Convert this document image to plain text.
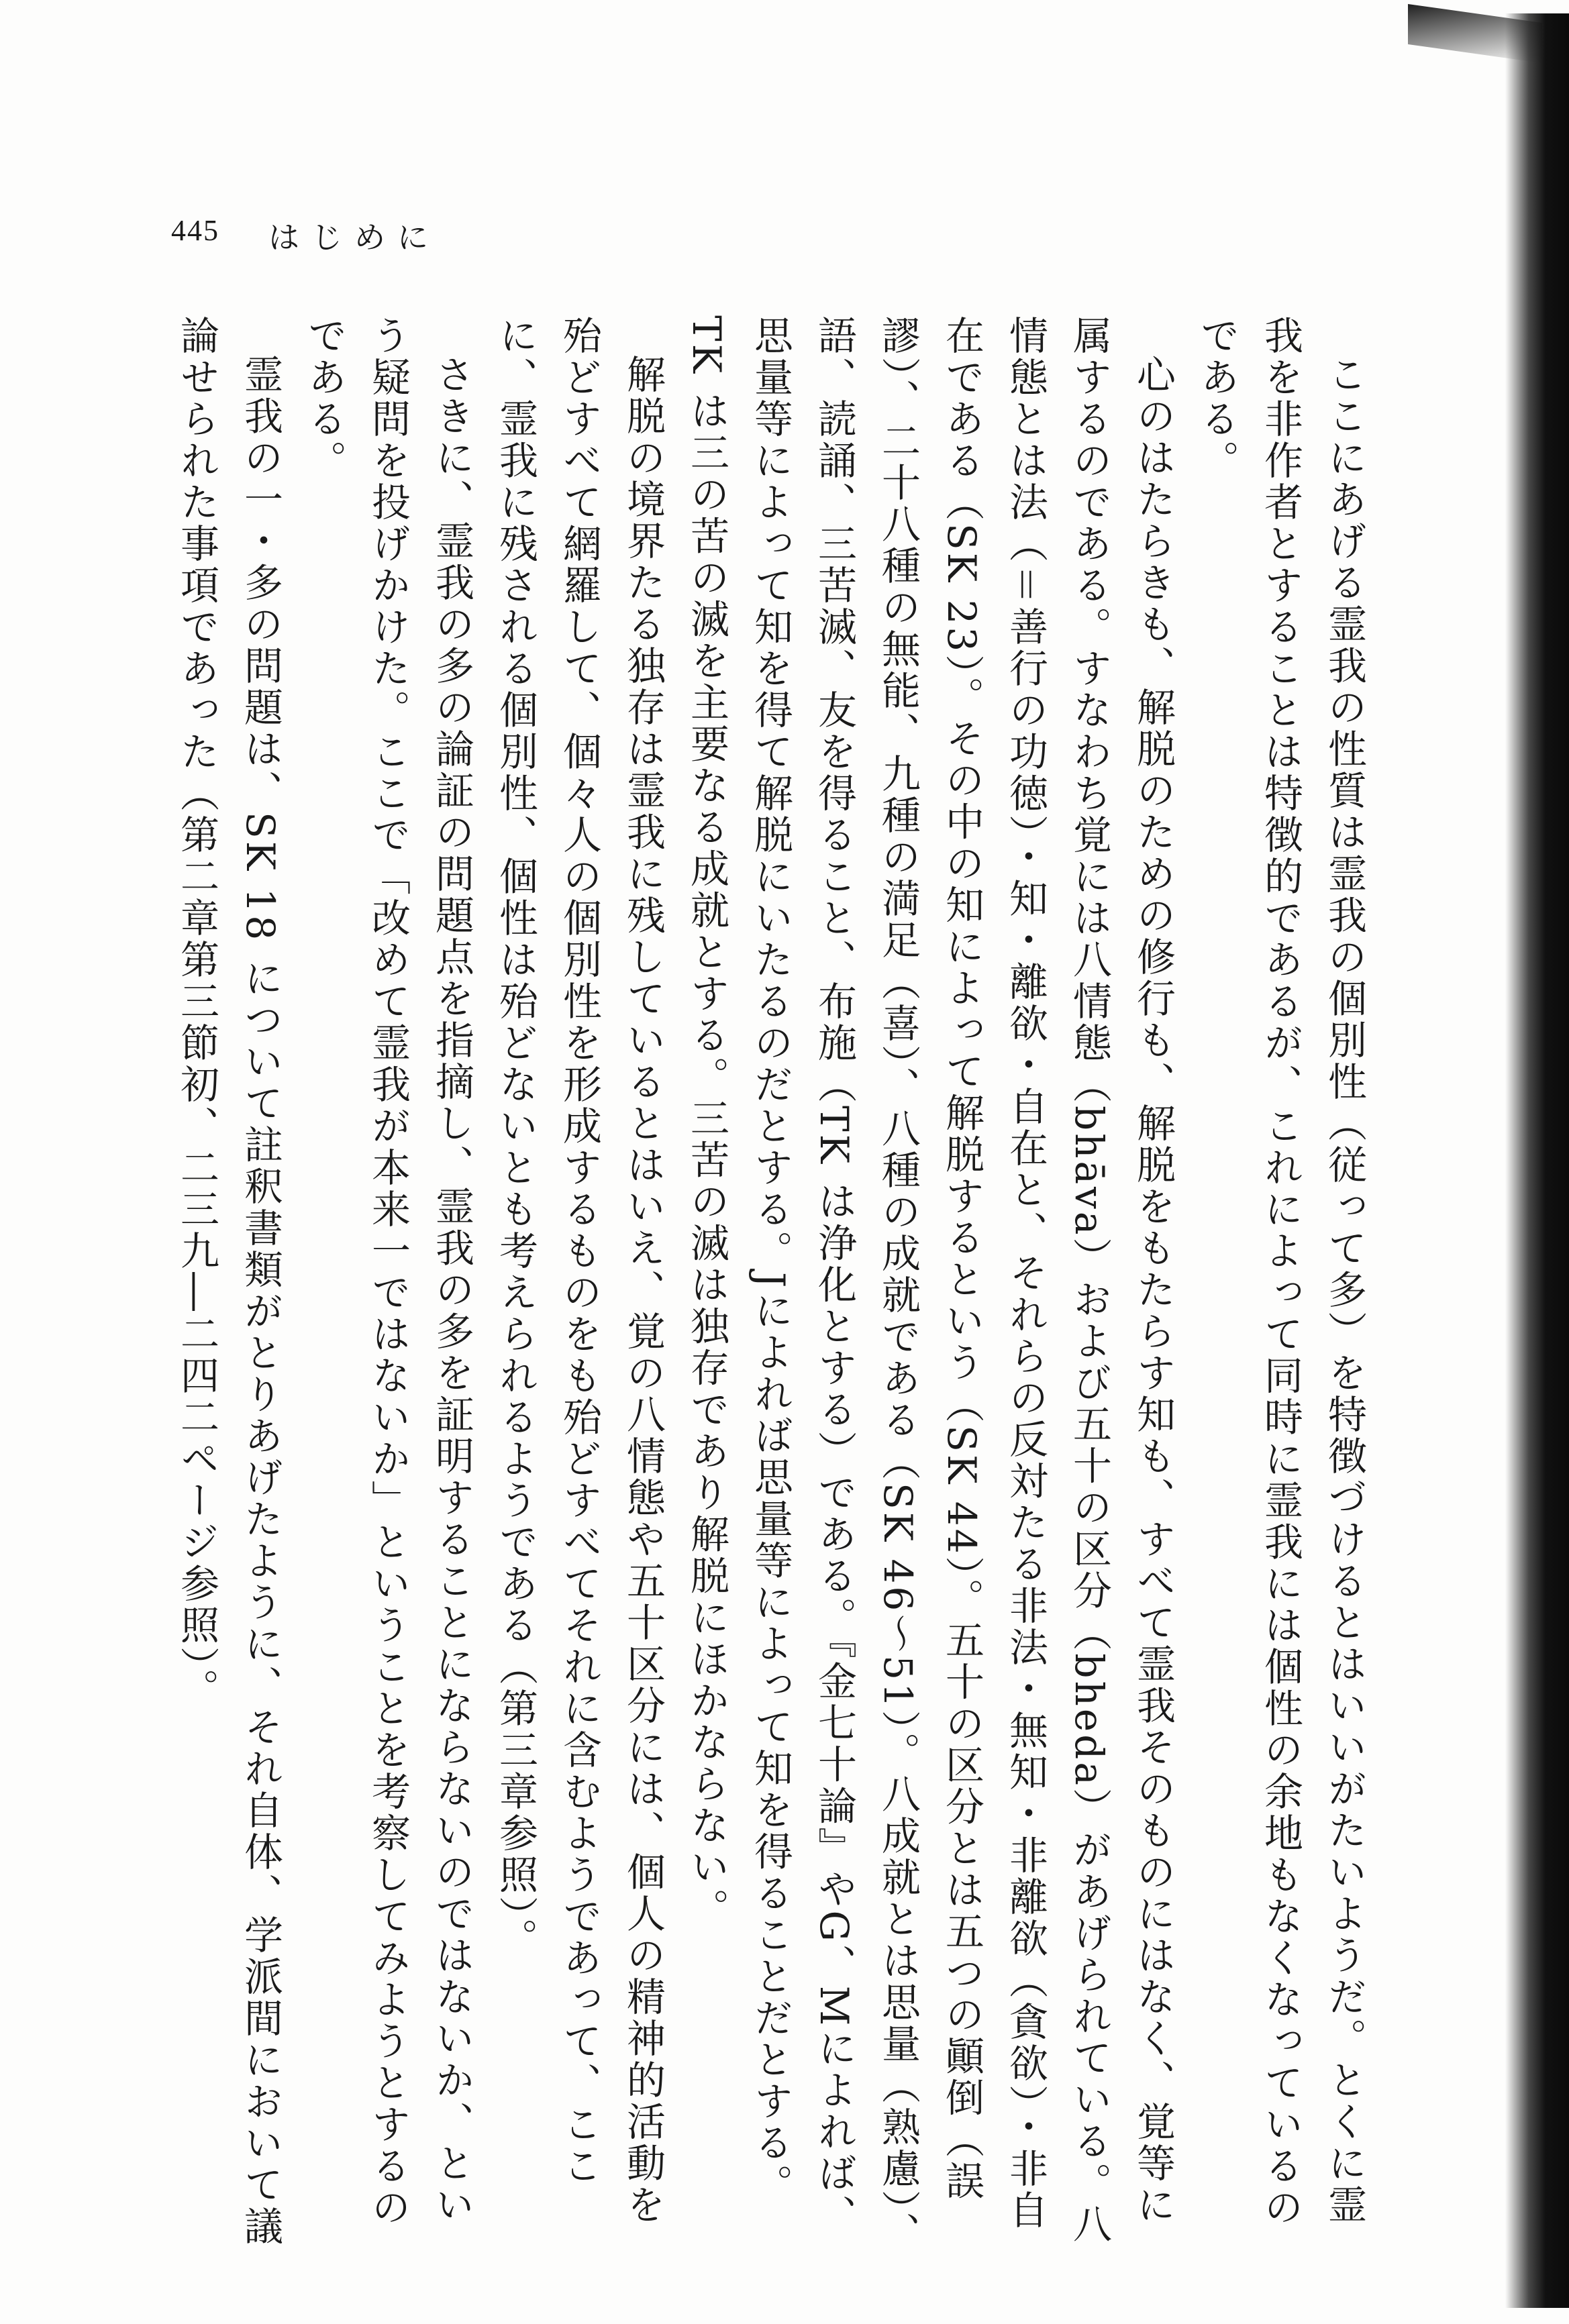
445 はじめに

ここにあげる霊我の性質は霊我の個別性（従って多）を特徴づけるとはいいがたいようだ。とくに霊我を非作者とすることは特徴的であるが、これによって同時に霊我には個性の余地もなくなっているのである。

心のはたらきも、解脱のための修行も、解脱をもたらす知も、すべて霊我そのものにはなく、覚等に属するのである。すなわち覚には八情態（bhāva）および五十の区分（bheda）があげられている。八情態とは法（＝善行の功徳）・知・離欲・自在と、それらの反対たる非法・無知・非離欲（貪欲）・非自在である（SK 23）。その中の知によって解脱するという（SK 44）。五十の区分とは五つの顚倒（誤謬）、二十八種の無能、九種の満足（喜）、八種の成就である（SK 46〜51）。八成就とは思量（熟慮）、語、読誦、三苦滅、友を得ること、布施（TK は浄化とする）である。『金七十論』やG、Mによれば、思量等によって知を得て解脱にいたるのだとする。Jによれば思量等によって知を得ることだとする。TK は三の苦の滅を主要なる成就とする。三苦の滅は独存であり解脱にほかならない。

解脱の境界たる独存は霊我に残しているとはいえ、覚の八情態や五十区分には、個人の精神的活動を殆どすべて網羅して、個々人の個別性を形成するものをも殆どすべてそれに含むようであって、ここに、霊我に残される個別性、個性は殆どないとも考えられるようである（第三章参照）。

さきに、霊我の多の論証の問題点を指摘し、霊我の多を証明することにならないのではないか、という疑問を投げかけた。ここで「改めて霊我が本来一ではないか」ということを考察してみようとするのである。

霊我の一・多の問題は、SK 18 について註釈書類がとりあげたように、それ自体、学派間において議論せられた事項であった（第二章第三節初、二三九―二四二ページ参照）。
